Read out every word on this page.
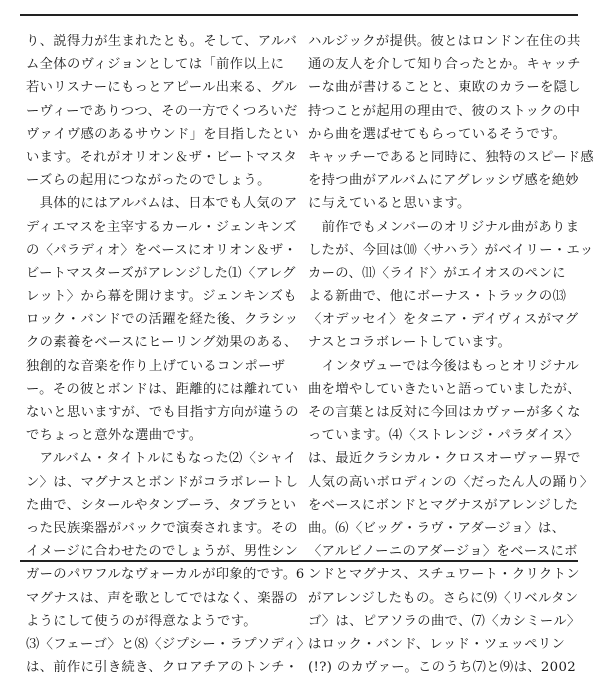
り、説得力が生まれたとも。そして、アルバ
ム全体のヴィジョンとしては「前作以上に
若いリスナーにもっとアピール出来る、グル
ーヴィーでありつつ、その一方でくつろいだ
ヴァイヴ感のあるサウンド」を目指したとい
います。それがオリオン＆ザ・ビートマスタ
ーズらの起用につながったのでしょう。
　具体的にはアルバムは、日本でも人気のア
ディエマスを主宰するカール・ジェンキンズ
の〈パラディオ〉をベースにオリオン＆ザ・
ビートマスターズがアレンジした⑴〈アレグ
レット〉から幕を開けます。ジェンキンズも
ロック・バンドでの活躍を経た後、クラシッ
クの素養をベースにヒーリング効果のある、
独創的な音楽を作り上げているコンポーザ
ー。その彼とボンドは、距離的には離れてい
ないと思いますが、でも目指す方向が違うの
でちょっと意外な選曲です。
　アルバム・タイトルにもなった⑵〈シャイ
ン〉は、マグナスとボンドがコラボレートし
た曲で、シタールやタンブーラ、タブラとい
った民族楽器がバックで演奏されます。その
イメージに合わせたのでしょうが、男性シン
ガーのパワフルなヴォーカルが印象的です。
マグナスは、声を歌としてではなく、楽器の
ようにして使うのが得意なようです。
⑶〈フェーゴ〉と⑻〈ジプシー・ラプソディ〉
は、前作に引き続き、クロアチアのトンチ・
ハルジックが提供。彼とはロンドン在住の共
通の友人を介して知り合ったとか。キャッチ
ーな曲が書けることと、東欧のカラーを隠し
持つことが起用の理由で、彼のストックの中
から曲を選ばせてもらっているそうです。
キャッチーであると同時に、独特のスピード感
を持つ曲がアルバムにアグレッシヴ感を絶妙
に与えていると思います。
　前作でもメンバーのオリジナル曲がありま
したが、今回は⑽〈サハラ〉がベイリー・エッ
カーの、⑾〈ライド〉がエイオスのペンに
よる新曲で、他にボーナス・トラックの⒀
〈オデッセイ〉をタニア・デイヴィスがマグ
ナスとコラボレートしています。
　インタヴューでは今後はもっとオリジナル
曲を増やしていきたいと語っていましたが、
その言葉とは反対に今回はカヴァーが多くな
っています。⑷〈ストレンジ・パラダイス〉
は、最近クラシカル・クロスオーヴァー界で
人気の高いボロディンの〈だったん人の踊り〉
をベースにボンドとマグナスがアレンジした
曲。⑹〈ビッグ・ラヴ・アダージョ〉は、
〈アルビノーニのアダージョ〉をベースにボ
ンドとマグナス、スチュワート・クリクトン
がアレンジしたもの。さらに⑼〈リベルタン
ゴ〉は、ピアソラの曲で、⑺〈カシミール〉
はロック・バンド、レッド・ツェッペリン
(!?) のカヴァー。このうち⑺と⑼は、2002
6
